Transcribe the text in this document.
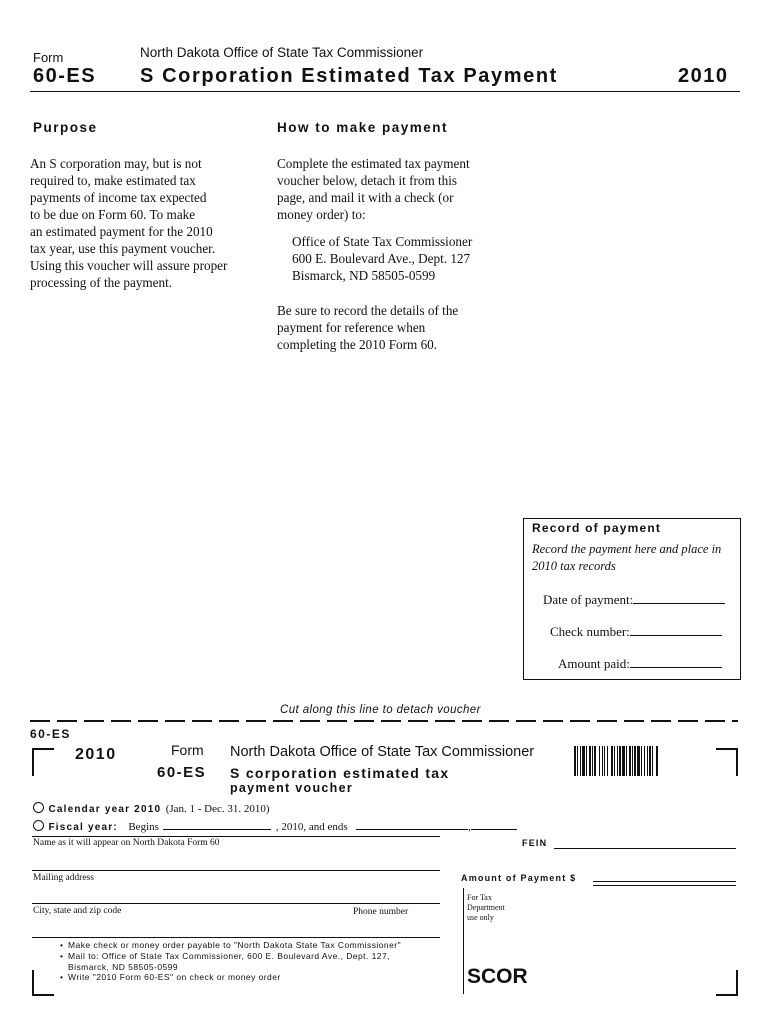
Form	North Dakota Office of State Tax Commissioner
60-ES S Corporation Estimated Tax Payment	2010
Purpose
An S corporation may, but is not
required to, make estimated tax
payments of income tax expected
to be due on Form 60. To make
an estimated payment for the 2010
tax year, use this payment voucher.
Using this voucher will assure proper
processing of the payment.
How to make payment
Complete the estimated tax payment
voucher below, detach it from this
page, and mail it with a check (or
money order) to:
Office of State Tax Commissioner
600 E. Boulevard Ave., Dept. 127
Bismarck, ND 58505-0599
Be sure to record the details of the
payment for reference when
completing the 2010 Form 60.
Record of payment
Record the payment here and place in
2010 tax records
Date of payment:
Check number:
Amount paid:
Cut along this line to detach voucher
60-ES
2010	Form
60-ES
North Dakota Office of State Tax Commissioner
S corporation estimated tax
payment voucher
Calendar year 2010 (Jan. 1 - Dec. 31. 2010)
Fiscal year: Begins	, 2010, and ends	,
Name as it will appear on North Dakota Form 60	FEIN
Mailing address	Amount of Payment $
City, state and zip code	Phone number
For Tax
Department
use only
SCOR
• Make check or money order payable to "North Dakota State Tax Commissioner"
• Mail to: Office of State Tax Commissioner, 600 E. Boulevard Ave., Dept. 127,
Bismarck, ND 58505-0599
• Write "2010 Form 60-ES" on check or money order
